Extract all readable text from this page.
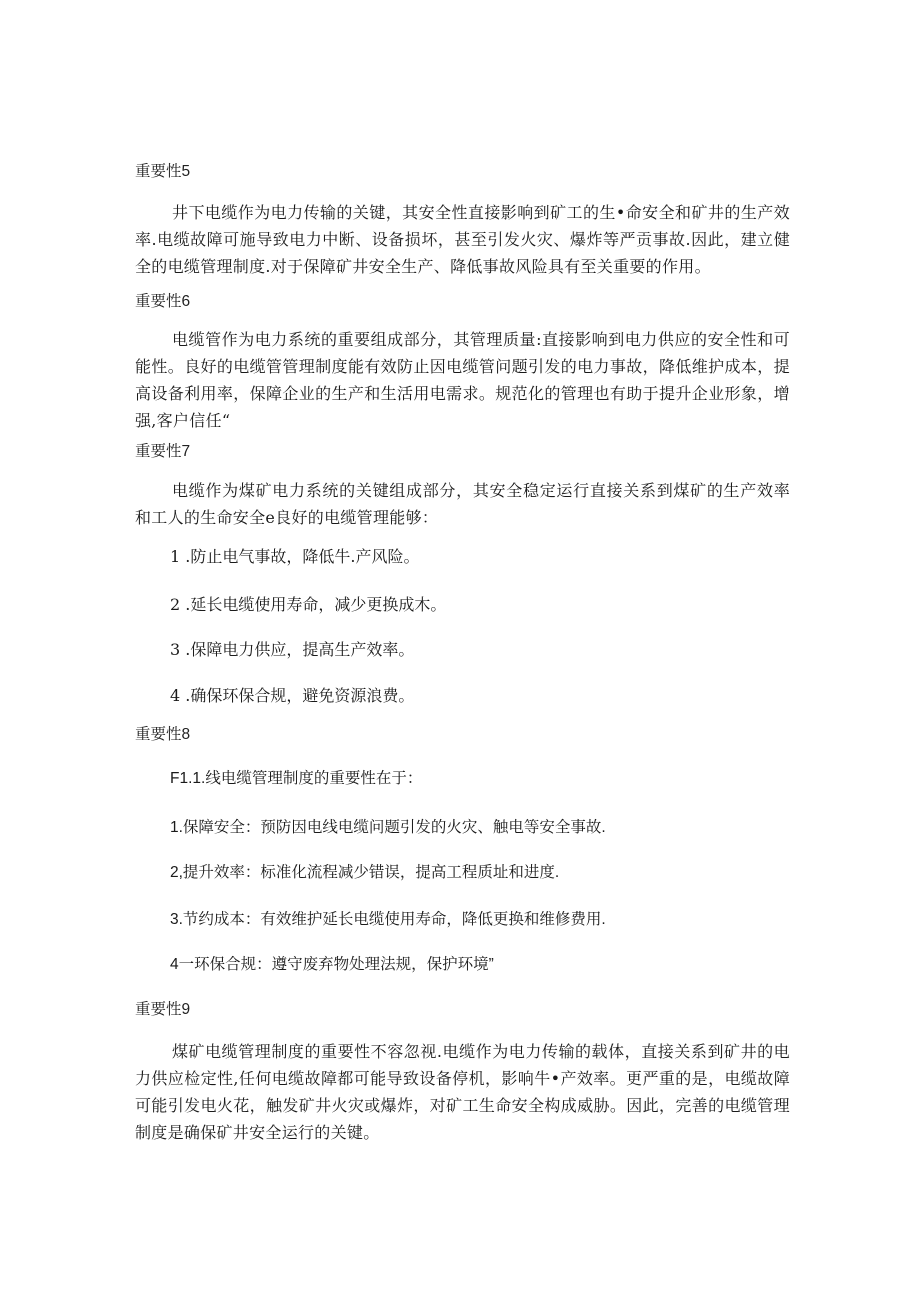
重要性5

井下电缆作为电力传输的关键，其安全性直接影响到矿工的生•命安全和矿井的生产效率.电缆故障可施导致电力中断、设备损坏，甚至引发火灾、爆炸等严贡事故.因此，建立健全的电缆管理制度.对于保障矿井安全生产、降低事故风险具有至关重要的作用。

重要性6

电缆管作为电力系统的重要组成部分，其管理质量:直接影响到电力供应的安全性和可能性。良好的电缆管管理制度能有效防止因电缆管问题引发的电力事故，降低维护成本，提高设备利用率，保障企业的生产和生活用电需求。规范化的管理也有助于提升企业形象，增强,客户信任“

重要性7

电缆作为煤矿电力系统的关键组成部分，其安全稳定运行直接关系到煤矿的生产效率和工人的生命安全e良好的电缆管理能够：

1 .防止电气事故，降低牛.产风险。
2 .延长电缆使用寿命，减少更换成木。
3 .保障电力供应，提高生产效率。
4 .确保环保合规，避免资源浪费。
重要性8
F1.1.线电缆管理制度的重要性在于：
1.保障安全：预防因电线电缆问题引发的火灾、触电等安全事故.
2,提升效率：标准化流程减少错误，提高工程质址和进度.
3.节约成本：有效维护延长电缆使用寿命，降低更换和维修费用.
4一环保合规：遵守废弃物处理法规，保护环境”
重要性9

煤矿电缆管理制度的重要性不容忽视.电缆作为电力传输的载体，直接关系到矿井的电力供应检定性,任何电缆故障都可能导致设备停机，影响牛•产效率。更严重的是，电缆故障可能引发电火花，触发矿井火灾或爆炸，对矿工生命安全构成威胁。因此，完善的电缆管理制度是确保矿井安全运行的关键。
